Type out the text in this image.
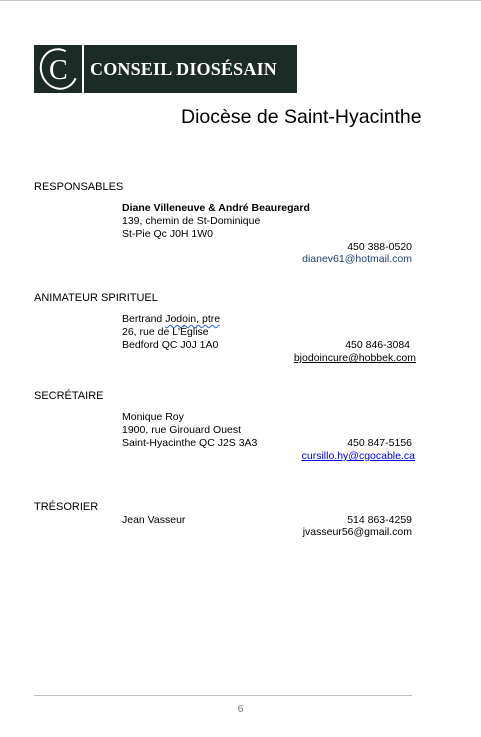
C CONSEIL DIOSÉSAIN
Diocèse de Saint-Hyacinthe
RESPONSABLES
Diane Villeneuve & André Beauregard
139, chemin de St-Dominique
St-Pie Qc J0H 1W0
450 388-0520
dianev61@hotmail.com
ANIMATEUR SPIRITUEL
Bertrand Jodoin, ptre
26, rue de L'Église
Bedford QC J0J 1A0	450 846-3084
bjodoincure@hobbek.com
SECRÉTAIRE
Monique Roy
1900, rue Girouard Ouest
Saint-Hyacinthe QC J2S 3A3	450 847-5156
cursillo.hy@cgocable.ca
TRÉSORIER
Jean Vasseur	514 863-4259
jvasseur56@gmail.com
6
